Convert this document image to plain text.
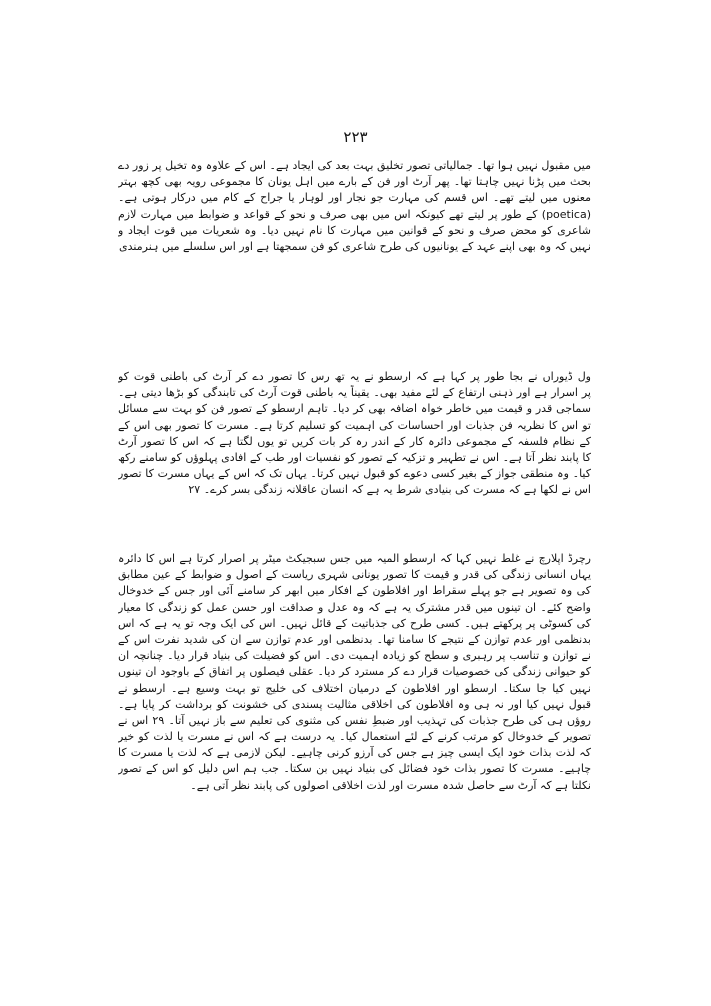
۲۲۳
میں مقبول نہیں ہوا تھا۔ جمالیاتی تصور تخلیق بہت بعد کی ایجاد ہے۔ اس کے علاوہ وہ تخیل پر زور دے
بحث میں پڑنا نہیں چاہتا تھا۔ پھر آرٹ اور فن کے بارے میں اہل یونان کا مجموعی رویہ بھی کچھ بہتر
معنوں میں لیتے تھے۔ اس قسم کی مہارت جو نجار اور لوہار یا جراح کے کام میں درکار ہوتی ہے۔
(poetica) کے طور پر لیتے تھے کیونکہ اس میں بھی صرف و نحو کے قواعد و ضوابط میں مہارت لازم
شاعری کو محض صرف و نحو کے قوانین میں مہارت کا نام نہیں دیا۔ وہ شعریات میں قوت ایجاد و
نہیں کہ وہ بھی اپنے عہد کے یونانیوں کی طرح شاعری کو فن سمجھتا ہے اور اس سلسلے میں ہنرمندی
ول ڈیوراں نے بجا طور پر کہا ہے کہ ارسطو نے یہ تھ رس کا تصور دے کر آرٹ کی باطنی قوت کو
پر اسرار ہے اور ذہنی ارتفاع کے لئے مفید بھی۔ یقیناً یہ باطنی قوت آرٹ کی تابندگی کو بڑھا دیتی ہے۔
سماجی قدر و قیمت میں خاطر خواہ اضافہ بھی کر دیا۔ تاہم ارسطو کے تصور فن کو بہت سے مسائل
تو اس کا نظریہ فن جذبات اور احساسات کی اہمیت کو تسلیم کرتا ہے۔ مسرت کا تصور بھی اس کے
کے نظام فلسفہ کے مجموعی دائرہ کار کے اندر رہ کر بات کریں تو یوں لگتا ہے کہ اس کا تصور آرٹ
کا پابند نظر آتا ہے۔ اس نے تطہیر و تزکیہ کے تصور کو نفسیات اور طب کے افادی پہلوؤں کو سامنے رکھ
کیا۔ وہ منطقی جواز کے بغیر کسی دعوے کو قبول نہیں کرتا۔ یہاں تک کہ اس کے یہاں مسرت کا تصور
اس نے لکھا ہے کہ مسرت کی بنیادی شرط یہ ہے کہ انسان عاقلانہ زندگی بسر کرے۔ ۲۷
رچرڈ اپلارچ نے غلط نہیں کہا کہ ارسطو المیہ میں جس سبجیکٹ میٹر پر اصرار کرتا ہے اس کا دائرہ
یہاں انسانی زندگی کی قدر و قیمت کا تصور یونانی شہری ریاست کے اصول و ضوابط کے عین مطابق
کی وہ تصویر ہے جو پہلے سقراط اور افلاطون کے افکار میں ابھر کر سامنے آئی اور جس کے خدوخال
واضح کئے۔ ان تینوں میں قدر مشترک یہ ہے کہ وہ عدل و صداقت اور حسن عمل کو زندگی کا معیار
کی کسوٹی پر پرکھتے ہیں۔ کسی طرح کی جذباتیت کے قائل نہیں۔ اس کی ایک وجہ تو یہ ہے کہ اس
بدنظمی اور عدم توازن کے نتیجے کا سامنا تھا۔ بدنظمی اور عدم توازن سے ان کی شدید نفرت اس کے
نے توازن و تناسب پر رہبری و سطح کو زیادہ اہمیت دی۔ اس کو فضیلت کی بنیاد قرار دیا۔ چنانچہ ان
کو حیوانی زندگی کی خصوصیات قرار دے کر مسترد کر دیا۔ عقلی فیصلوں پر اتفاق کے باوجود ان تینوں
نہیں کیا جا سکتا۔ ارسطو اور افلاطون کے درمیان اختلاف کی خلیج تو بہت وسیع ہے۔ ارسطو نے
قبول نہیں کیا اور نہ ہی وہ افلاطون کی اخلاقی مثالیت پسندی کی خشونت کو برداشت کر پایا ہے۔
روؤں ہی کی طرح جذبات کی تہذیب اور ضبطِ نفس کی مثنوی کی تعلیم سے باز نہیں آتا۔ ۲۹ اس نے
تصویر کے خدوخال کو مرتب کرنے کے لئے استعمال کیا۔ یہ درست ہے کہ اس نے مسرت یا لذت کو خیر
کہ لذت بذات خود ایک ایسی چیز ہے جس کی آرزو کرنی چاہیے۔ لیکن لازمی ہے کہ لذت یا مسرت کا
چاہیے۔ مسرت کا تصور بذات خود فضائل کی بنیاد نہیں بن سکتا۔ جب ہم اس دلیل کو اس کے تصور
نکلتا ہے کہ آرٹ سے حاصل شدہ مسرت اور لذت اخلاقی اصولوں کی پابند نظر آتی ہے۔
